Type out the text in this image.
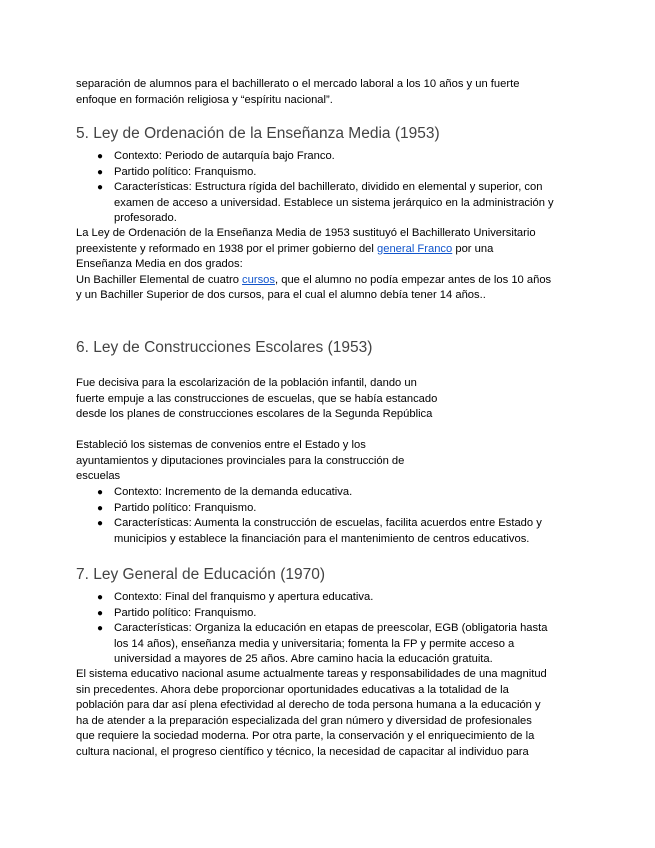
separación de alumnos para el bachillerato o el mercado laboral a los 10 años y un fuerte

enfoque en formación religiosa y “espíritu nacional”.

5. Ley de Ordenación de la Enseñanza Media (1953)
● Contexto: Periodo de autarquía bajo Franco.
● Partido político: Franquismo.
● Características: Estructura rígida del bachillerato, dividido en elemental y superior, con
examen de acceso a universidad. Establece un sistema jerárquico en la administración y
profesorado.

La Ley de Ordenación de la Enseñanza Media de 1953 sustituyó el Bachillerato Universitario

preexistente y reformado en 1938 por el primer gobierno del general Franco por una

Enseñanza Media en dos grados:

Un Bachiller Elemental de cuatro cursos, que el alumno no podía empezar antes de los 10 años

y un Bachiller Superior de dos cursos, para el cual el alumno debía tener 14 años..

6. Ley de Construcciones Escolares (1953)

Fue decisiva para la escolarización de la población infantil, dando un

fuerte empuje a las construcciones de escuelas, que se había estancado

desde los planes de construcciones escolares de la Segunda República

Estableció los sistemas de convenios entre el Estado y los

ayuntamientos y diputaciones provinciales para la construcción de

escuelas

● Contexto: Incremento de la demanda educativa.
● Partido político: Franquismo.
● Características: Aumenta la construcción de escuelas, facilita acuerdos entre Estado y
municipios y establece la financiación para el mantenimiento de centros educativos.
7. Ley General de Educación (1970)
● Contexto: Final del franquismo y apertura educativa.
● Partido político: Franquismo.
● Características: Organiza la educación en etapas de preescolar, EGB (obligatoria hasta
los 14 años), enseñanza media y universitaria; fomenta la FP y permite acceso a
universidad a mayores de 25 años. Abre camino hacia la educación gratuita.

El sistema educativo nacional asume actualmente tareas y responsabilidades de una magnitud

sin precedentes. Ahora debe proporcionar oportunidades educativas a la totalidad de la

población para dar así plena efectividad al derecho de toda persona humana a la educación y

ha de atender a la preparación especializada del gran número y diversidad de profesionales

que requiere la sociedad moderna. Por otra parte, la conservación y el enriquecimiento de la

cultura nacional, el progreso científico y técnico, la necesidad de capacitar al individuo para
